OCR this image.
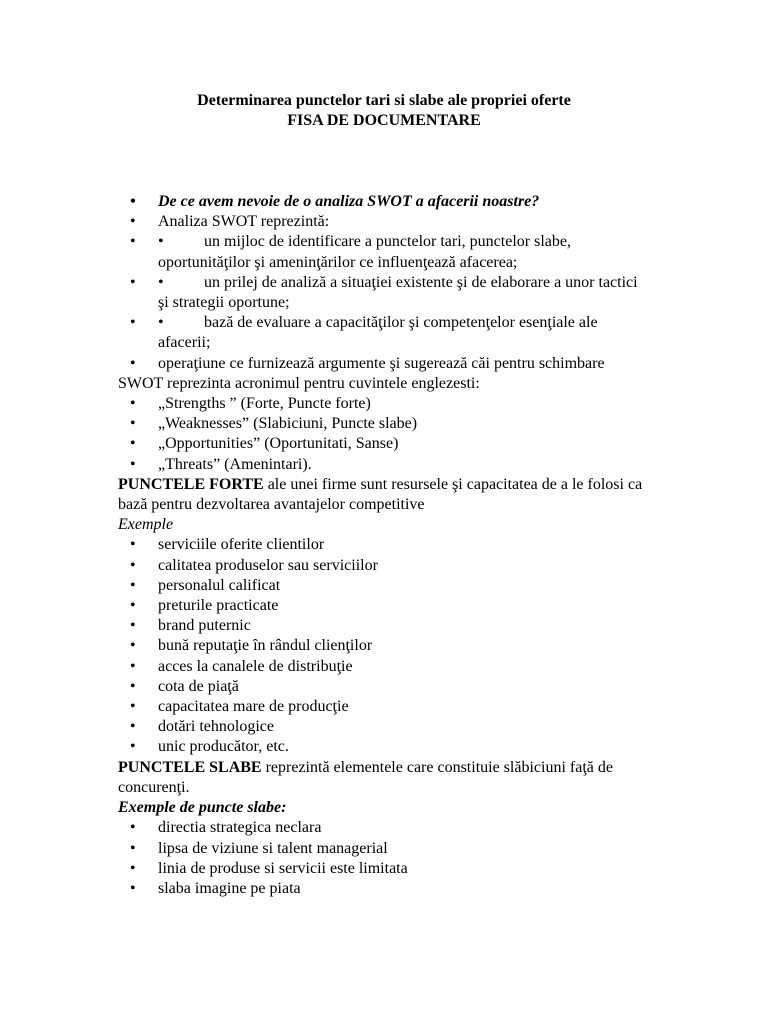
Determinarea punctelor tari si slabe ale propriei oferte
FISA DE DOCUMENTARE
• De ce avem nevoie de o analiza SWOT a afacerii noastre?
• Analiza SWOT reprezintă:
• •	un mijloc de identificare a punctelor tari, punctelor slabe, oportunităţilor şi ameninţărilor ce influenţează afacerea;
• •	un prilej de analiză a situaţiei existente şi de elaborare a unor tactici şi strategii oportune;
• •	bază de evaluare a capacităţilor şi competenţelor esenţiale ale afacerii;
• operaţiune ce furnizează argumente şi sugerează căi pentru schimbare
SWOT reprezinta acronimul pentru cuvintele englezesti:
• „Strengths ” (Forte, Puncte forte)
• „Weaknesses” (Slabiciuni, Puncte slabe)
• „Opportunities” (Oportunitati, Sanse)
• „Threats” (Amenintari).
PUNCTELE FORTE ale unei firme sunt resursele şi capacitatea de a le folosi ca bază pentru dezvoltarea avantajelor competitive
Exemple
• serviciile oferite clientilor
• calitatea produselor sau serviciilor
• personalul calificat
• preturile practicate
• brand puternic
• bună reputaţie în rândul clienţilor
• acces la canalele de distribuţie
• cota de piaţă
• capacitatea mare de producţie
• dotări tehnologice
• unic producător, etc.
PUNCTELE SLABE reprezintă elementele care constituie slăbiciuni faţă de concurenţi.
Exemple de puncte slabe:
• directia strategica neclara
• lipsa de viziune si talent managerial
• linia de produse si servicii este limitata
• slaba imagine pe piata
